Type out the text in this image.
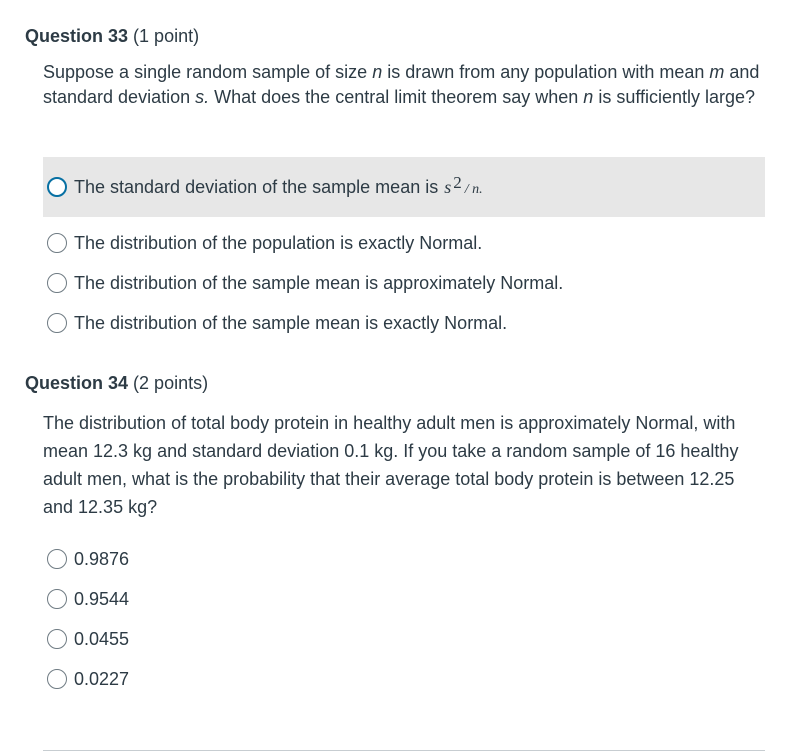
Question 33 (1 point)
Suppose a single random sample of size n is drawn from any population with mean m and standard deviation s. What does the central limit theorem say when n is sufficiently large?
The standard deviation of the sample mean is s 2 / n.
The distribution of the population is exactly Normal.
The distribution of the sample mean is approximately Normal.
The distribution of the sample mean is exactly Normal.
Question 34 (2 points)
The distribution of total body protein in healthy adult men is approximately Normal, with mean 12.3 kg and standard deviation 0.1 kg. If you take a random sample of 16 healthy adult men, what is the probability that their average total body protein is between 12.25 and 12.35 kg?
0.9876
0.9544
0.0455
0.0227
